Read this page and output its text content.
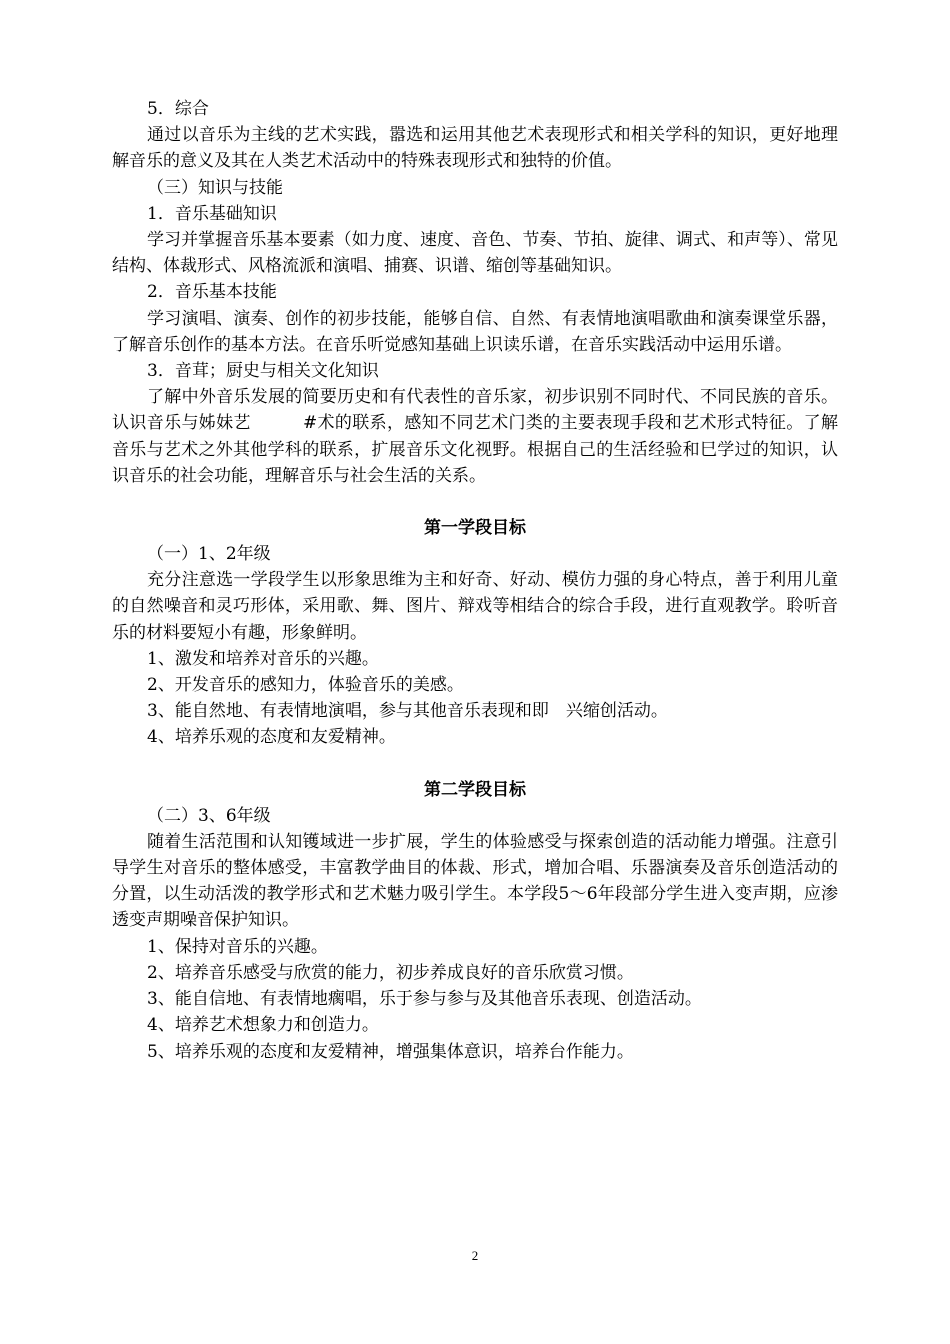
5．综合

通过以音乐为主线的艺术实践，嚣选和运用其他艺术表现形式和相关学科的知识，更好地理解音乐的意义及其在人类艺术活动中的特殊表现形式和独特的价值。

（三）知识与技能

1．音乐基础知识

学习并掌握音乐基本要素（如力度、速度、音色、节奏、节拍、旋律、调式、和声等）、常见结构、体裁形式、风格流派和演唱、捕赛、识谱、缩创等基础知识。

2．音乐基本技能

学习演唱、演奏、创作的初步技能，能够自信、自然、有表情地演唱歌曲和演奏课堂乐器，了解音乐创作的基本方法。在音乐听觉感知基础上识读乐谱，在音乐实践活动中运用乐谱。

3．音茸；厨史与相关文化知识

了解中外音乐发展的简要历史和有代表性的音乐家，初步识别不同时代、不同民族的音乐。认识音乐与姊妹艺　　　#术的联系，感知不同艺术门类的主要表现手段和艺术形式特征。了解音乐与艺术之外其他学科的联系，扩展音乐文化视野。根据自己的生活经验和巳学过的知识，认识音乐的社会功能，理解音乐与社会生活的关系。

第一学段目标

（一）1、2年级

充分注意选一学段学生以形象思维为主和好奇、好动、模仿力强的身心特点，善于利用儿童的自然噪音和灵巧形体，采用歌、舞、图片、辩戏等相结合的综合手段，进行直观教学。聆听音乐的材料要短小有趣，形象鲜明。

1、激发和培养对音乐的兴趣。

2、开发音乐的感知力，体验音乐的美感。

3、能自然地、有表情地演唱，参与其他音乐表现和即　兴缩创活动。

4、培养乐观的态度和友爱精神。

第二学段目标

（二）3、6年级

随着生活范围和认知镬域进一步扩展，学生的体验感受与探索创造的活动能力增强。注意引导学生对音乐的整体感受，丰富教学曲目的体裁、形式，增加合唱、乐器演奏及音乐创造活动的分置，以生动活泼的教学形式和艺术魅力吸引学生。本学段5～6年段部分学生进入变声期，应渗透变声期噪音保护知识。

1、保持对音乐的兴趣。

2、培养音乐感受与欣赏的能力，初步养成良好的音乐欣赏习惯。

3、能自信地、有表情地瘸唱，乐于参与参与及其他音乐表现、创造活动。

4、培养艺术想象力和创造力。

5、培养乐观的态度和友爱精神，增强集体意识，培养台作能力。

2
